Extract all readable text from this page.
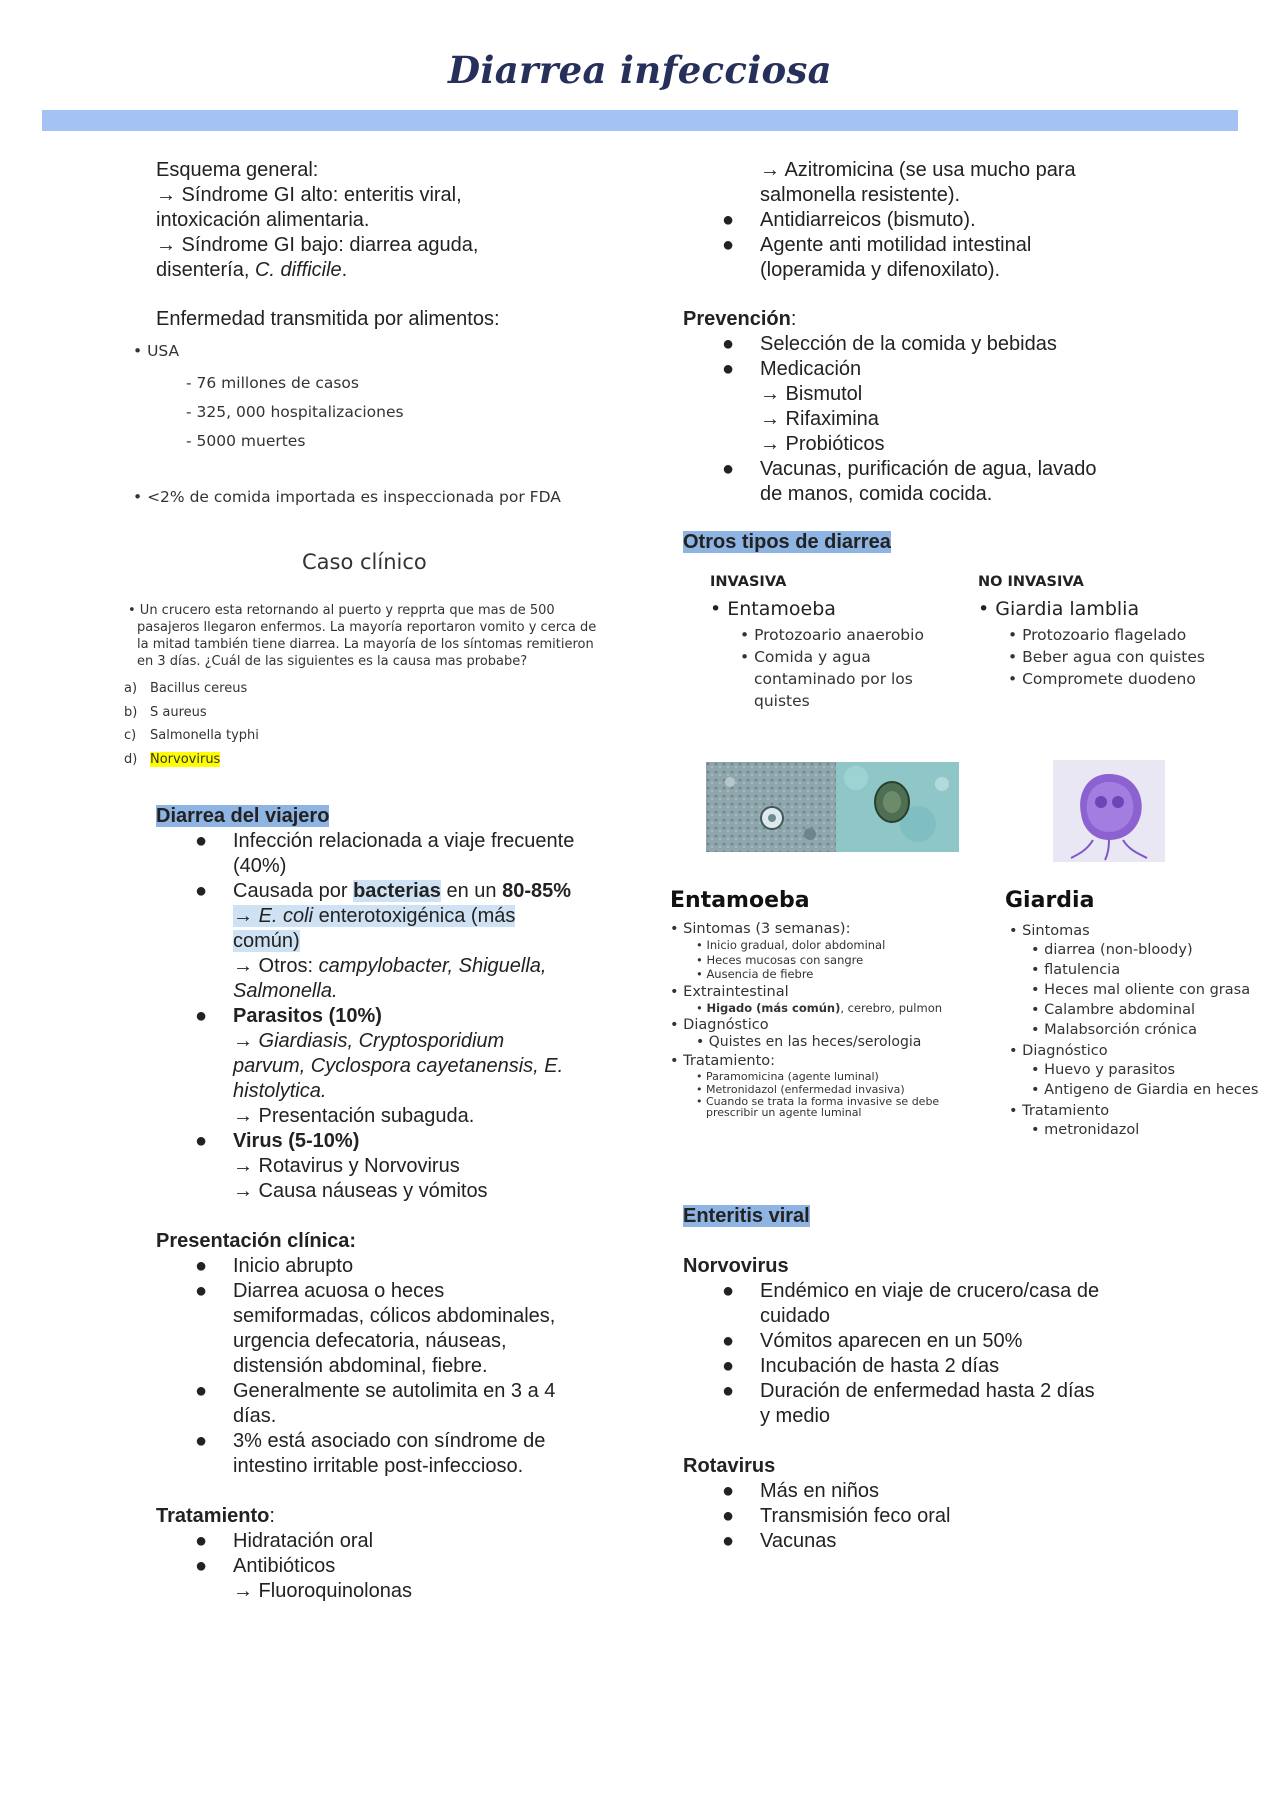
Diarrea infecciosa
Esquema general:
→ Síndrome GI alto: enteritis viral,
intoxicación alimentaria.
→ Síndrome GI bajo: diarrea aguda,
disentería, C. difficile.
Enfermedad transmitida por alimentos:
• USA
- 76 millones de casos
- 325, 000 hospitalizaciones
- 5000 muertes
• <2% de comida importada es inspeccionada por FDA
Caso clínico
• Un crucero esta retornando al puerto y repprta que mas de 500
pasajeros llegaron enfermos. La mayoría reportaron vomito y cerca de
la mitad también tiene diarrea. La mayoría de los síntomas remitieron
en 3 días. ¿Cuál de las siguientes es la causa mas probabe?
a) Bacillus cereus
b) S aureus
c) Salmonella typhi
d) Norvovirus
Diarrea del viajero
● Infección relacionada a viaje frecuente
(40%)
● Causada por bacterias en un 80-85%
→ E. coli enterotoxigénica (más
común)
→ Otros: campylobacter, Shiguella,
Salmonella.
● Parasitos (10%)
→ Giardiasis, Cryptosporidium
parvum, Cyclospora cayetanensis, E.
histolytica.
→ Presentación subaguda.
● Virus (5-10%)
→ Rotavirus y Norvovirus
→ Causa náuseas y vómitos
Presentación clínica:
● Inicio abrupto
● Diarrea acuosa o heces
semiformadas, cólicos abdominales,
urgencia defecatoria, náuseas,
distensión abdominal, fiebre.
● Generalmente se autolimita en 3 a 4
días.
● 3% está asociado con síndrome de
intestino irritable post-infeccioso.
Tratamiento:
● Hidratación oral
● Antibióticos
→ Fluoroquinolonas
→ Azitromicina (se usa mucho para
salmonella resistente).
● Antidiarreicos (bismuto).
● Agente anti motilidad intestinal
(loperamida y difenoxilato).
Prevención:
● Selección de la comida y bebidas
● Medicación
→ Bismutol
→ Rifaximina
→ Probióticos
● Vacunas, purificación de agua, lavado
de manos, comida cocida.
Otros tipos de diarrea
INVASIVA
• Entamoeba
• Protozoario anaerobio
• Comida y agua
contaminado por los
quistes
NO INVASIVA
• Giardia lamblia
• Protozoario flagelado
• Beber agua con quistes
• Compromete duodeno
Entamoeba
• Sintomas (3 semanas):
• Inicio gradual, dolor abdominal
• Heces mucosas con sangre
• Ausencia de fiebre
• Extraintestinal
• Higado (más común), cerebro, pulmon
• Diagnóstico
• Quistes en las heces/serologia
• Tratamiento:
• Paramomicina (agente luminal)
• Metronidazol (enfermedad invasiva)
• Cuando se trata la forma invasive se debe
prescribir un agente luminal
Giardia
• Sintomas
• diarrea (non-bloody)
• flatulencia
• Heces mal oliente con grasa
• Calambre abdominal
• Malabsorción crónica
• Diagnóstico
• Huevo y parasitos
• Antigeno de Giardia en heces
• Tratamiento
• metronidazol
Enteritis viral
Norvovirus
● Endémico en viaje de crucero/casa de
cuidado
● Vómitos aparecen en un 50%
● Incubación de hasta 2 días
● Duración de enfermedad hasta 2 días
y medio
Rotavirus
● Más en niños
● Transmisión feco oral
● Vacunas
